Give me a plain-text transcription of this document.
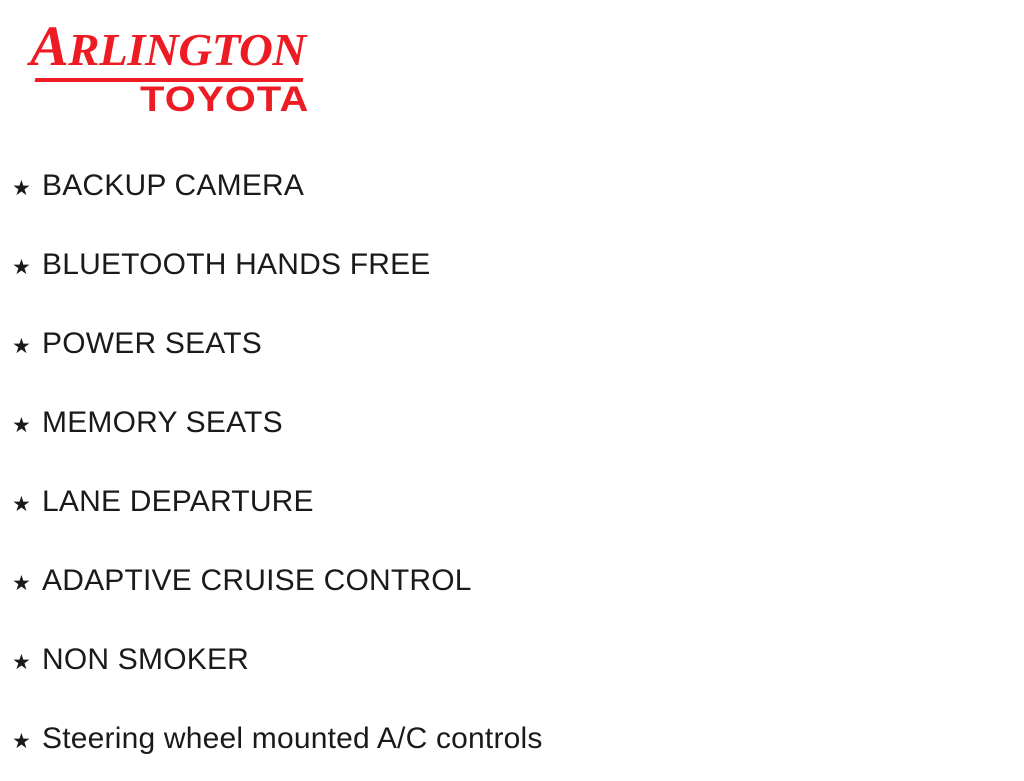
ARLINGTON
TOYOTA
★ BACKUP CAMERA
★ BLUETOOTH HANDS FREE
★ POWER SEATS
★ MEMORY SEATS
★ LANE DEPARTURE
★ ADAPTIVE CRUISE CONTROL
★ NON SMOKER
★ Steering wheel mounted A/C controls
